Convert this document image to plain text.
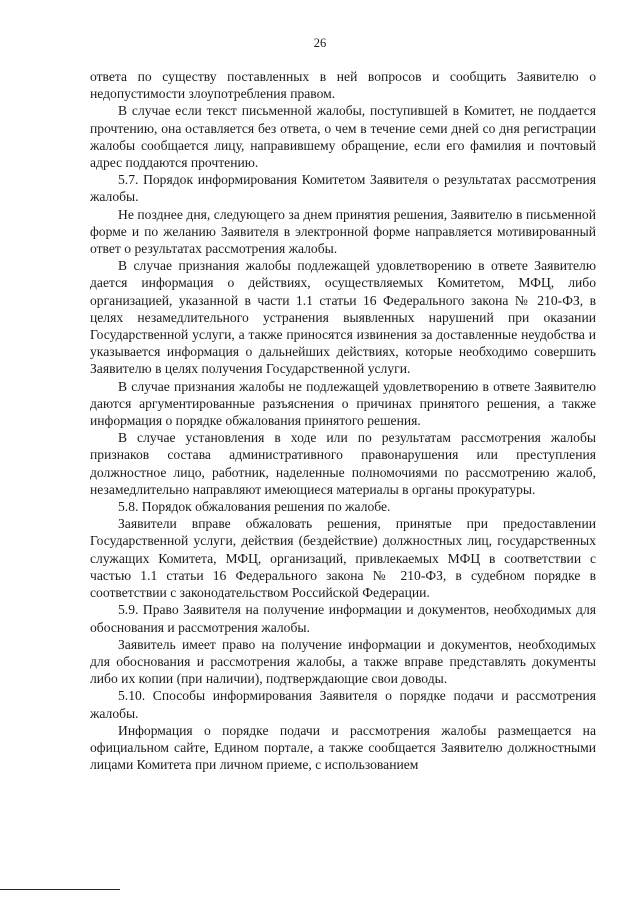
26

ответа по существу поставленных в ней вопросов и сообщить Заявителю о недопустимости злоупотребления правом.

В случае если текст письменной жалобы, поступившей в Комитет, не поддается прочтению, она оставляется без ответа, о чем в течение семи дней со дня регистрации жалобы сообщается лицу, направившему обращение, если его фамилия и почтовый адрес поддаются прочтению.

5.7. Порядок информирования Комитетом Заявителя о результатах рассмотрения жалобы.

Не позднее дня, следующего за днем принятия решения, Заявителю в письменной форме и по желанию Заявителя в электронной форме направляется мотивированный ответ о результатах рассмотрения жалобы.

В случае признания жалобы подлежащей удовлетворению в ответе Заявителю дается информация о действиях, осуществляемых Комитетом, МФЦ, либо организацией, указанной в части 1.1 статьи 16 Федерального закона № 210-ФЗ, в целях незамедлительного устранения выявленных нарушений при оказании Государственной услуги, а также приносятся извинения за доставленные неудобства и указывается информация о дальнейших действиях, которые необходимо совершить Заявителю в целях получения Государственной услуги.

В случае признания жалобы не подлежащей удовлетворению в ответе Заявителю даются аргументированные разъяснения о причинах принятого решения, а также информация о порядке обжалования принятого решения.

В случае установления в ходе или по результатам рассмотрения жалобы признаков состава административного правонарушения или преступления должностное лицо, работник, наделенные полномочиями по рассмотрению жалоб, незамедлительно направляют имеющиеся материалы в органы прокуратуры.

5.8. Порядок обжалования решения по жалобе.

Заявители вправе обжаловать решения, принятые при предоставлении Государственной услуги, действия (бездействие) должностных лиц, государственных служащих Комитета, МФЦ, организаций, привлекаемых МФЦ в соответствии с частью 1.1 статьи 16 Федерального закона № 210-ФЗ, в судебном порядке в соответствии с законодательством Российской Федерации.

5.9. Право Заявителя на получение информации и документов, необходимых для обоснования и рассмотрения жалобы.

Заявитель имеет право на получение информации и документов, необходимых для обоснования и рассмотрения жалобы, а также вправе представлять документы либо их копии (при наличии), подтверждающие свои доводы.

5.10. Способы информирования Заявителя о порядке подачи и рассмотрения жалобы.

Информация о порядке подачи и рассмотрения жалобы размещается на официальном сайте, Едином портале, а также сообщается Заявителю должностными лицами Комитета при личном приеме, с использованием
